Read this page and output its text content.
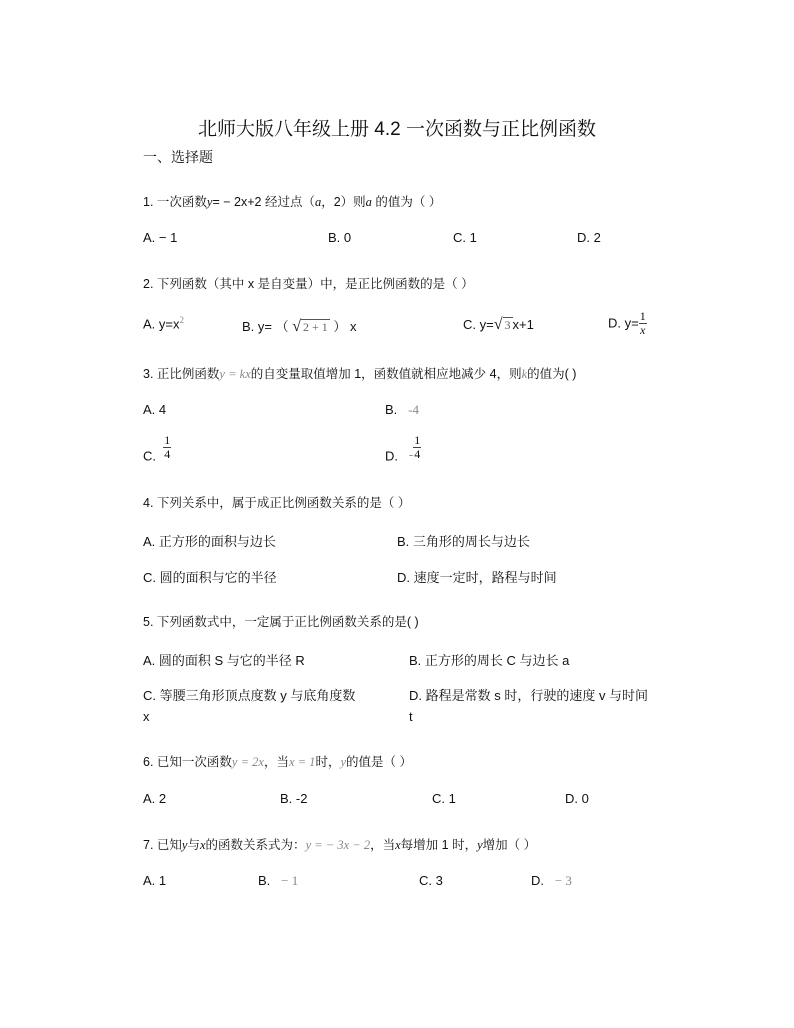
北师大版八年级上册 4.2 一次函数与正比例函数
一、选择题
1. 一次函数y= − 2x+2 经过点（a，2）则a 的值为（ ）
A. − 1	B. 0	C. 1	D. 2
2. 下列函数（其中 x 是自变量）中，是正比例函数的是（ ）
A. $y=x^2$	B. y= （ √ 2 + 1 ） x	C. y=√ 3 x+1	D. $y= \frac{1}{x}$
3. 正比例函数y = kx的自变量取值增加 1，函数值就相应地减少 4，则k的值为( )
A. 4	B. -4
C. $\frac{1}{4}$	D. - $\frac{1}{4}$
4. 下列关系中，属于成正比例函数关系的是（ ）
A. 正方形的面积与边长	B. 三角形的周长与边长
C. 圆的面积与它的半径	D. 速度一定时，路程与时间
5. 下列函数式中，一定属于正比例函数关系的是( )
A. 圆的面积 S 与它的半径 R	B. 正方形的周长 C 与边长 a
C. 等腰三角形顶点度数 y 与底角度数
x
D. 路程是常数 s 时，行驶的速度 v 与时间
t
6. 已知一次函数y = 2x，当x = 1时，y的值是（ ）
A. 2	B. -2	C. 1	D. 0
7. 已知y与x的函数关系式为：y = − 3x − 2，当x每增加 1 时，y增加（ ）
A. 1	B. − 1	C. 3	D. − 3
